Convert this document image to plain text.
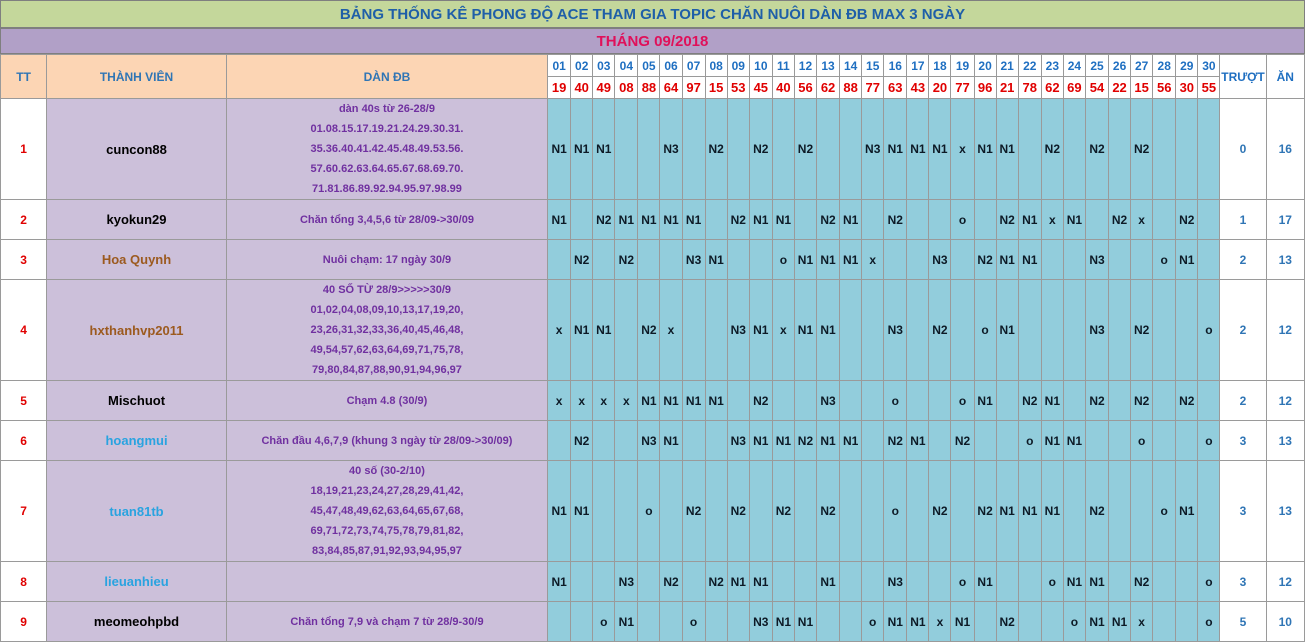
BẢNG THỐNG KÊ PHONG ĐỘ ACE THAM GIA TOPIC CHĂN NUÔI DÀN ĐB MAX 3 NGÀY
THÁNG 09/2018
TT	THÀNH VIÊN	DÀN ĐB	01	02	03	04	05	06	07	08	09	10	11	12	13	14	15	16	17	18	19	20	21	22	23	24	25	26	27	28	29	30	TRƯỢT	ĂN
			19	40	49	08	88	64	97	15	53	45	40	56	62	88	77	63	43	20	77	96	21	78	62	69	54	22	15	56	30	55		
1	cuncon88	dàn 40s từ 26-28/9
01.08.15.17.19.21.24.29.30.31.
35.36.40.41.42.45.48.49.53.56.
57.60.62.63.64.65.67.68.69.70.
71.81.86.89.92.94.95.97.98.99	N1	N1	N1			N3		N2		N2		N2			N3	N1	N1	N1	x	N1	N1		N2		N2		N2				0	16
2	kyokun29	Chăn tổng 3,4,5,6 từ 28/09->30/09	N1		N2	N1	N1	N1	N1		N2	N1	N1		N2	N1		N2			o		N2	N1	x	N1		N2	x		N2		1	17
3	Hoa Quynh	Nuôi chạm: 17 ngày 30/9		N2		N2			N3	N1			o	N1	N1	N1	x			N3		N2	N1	N1			N3			o	N1		2	13
4	hxthanhvp2011	40 SỐ TỪ 28/9>>>>>30/9
01,02,04,08,09,10,13,17,19,20,
23,26,31,32,33,36,40,45,46,48,
49,54,57,62,63,64,69,71,75,78,
79,80,84,87,88,90,91,94,96,97	x	N1	N1		N2	x			N3	N1	x	N1	N1			N3		N2		o	N1				N3		N2			o	2	12
5	Mischuot	Chạm 4.8 (30/9)	x	x	x	x	N1	N1	N1	N1		N2			N3			o			o	N1		N2	N1		N2		N2		N2		2	12
6	hoangmui	Chăn đầu 4,6,7,9 (khung 3 ngày từ 28/09->30/09)		N2			N3	N1			N3	N1	N1	N2	N1	N1		N2	N1		N2			o	N1	N1			o			o	3	13
7	tuan81tb	40 số (30-2/10)
18,19,21,23,24,27,28,29,41,42,
45,47,48,49,62,63,64,65,67,68,
69,71,72,73,74,75,78,79,81,82,
83,84,85,87,91,92,93,94,95,97	N1	N1			o		N2		N2		N2		N2			o		N2		N2	N1	N1	N1		N2			o	N1		3	13
8	lieuanhieu		N1			N3		N2		N2	N1	N1			N1			N3			o	N1			o	N1	N1		N2			o	3	12
9	meomeohpbd	Chăn tổng 7,9 và chạm 7 từ 28/9-30/9			o	N1			o			N3	N1	N1			o	N1	N1	x	N1		N2			o	N1	N1	x			o	5	10
